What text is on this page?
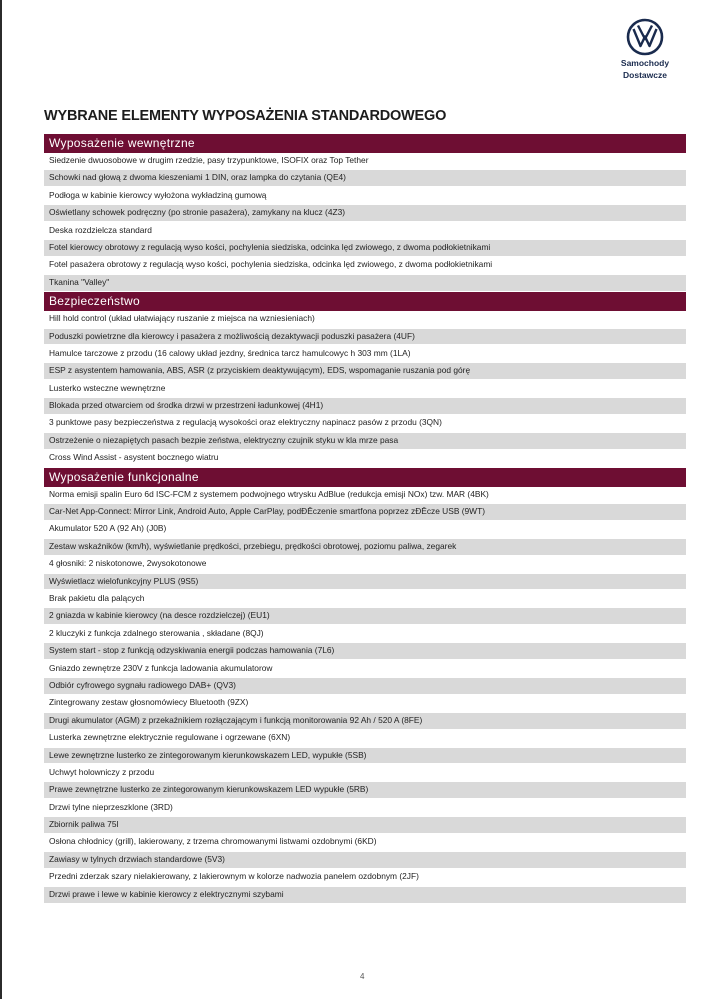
Samochody
Dostawcze
WYBRANE ELEMENTY WYPOSAŻENIA STANDARDOWEGO
Wyposażenie wewnętrzne
Siedzenie dwuosobowe w drugim rzedzie, pasy trzypunktowe, ISOFIX oraz Top Tether
Schowki nad głową z dwoma kieszeniami 1 DIN, oraz lampka do czytania (QE4)
Podłoga w kabinie kierowcy wyłożona wykładziną gumową
Oświetlany schowek podręczny (po stronie pasażera), zamykany na klucz (4Z3)
Deska rozdzielcza standard
Fotel kierowcy obrotowy z regulacją wyso kości, pochylenia siedziska, odcinka lęd zwiowego, z dwoma podłokietnikami
Fotel pasażera obrotowy z regulacją wyso kości, pochylenia siedziska, odcinka lęd zwiowego, z dwoma podłokietnikami
Tkanina "Valley"
Bezpieczeństwo
Hill hold control (układ ułatwiający ruszanie z miejsca na wzniesieniach)
Poduszki powietrzne dla kierowcy i pasażera z możliwością dezaktywacji poduszki pasażera (4UF)
Hamulce tarczowe z przodu (16 calowy układ jezdny, średnica tarcz hamulcowyc h 303 mm (1LA)
ESP z asystentem hamowania, ABS, ASR (z przyciskiem deaktywującym), EDS, wspomaganie ruszania pod górę
Lusterko wsteczne wewnętrzne
Blokada przed otwarciem od środka drzwi w przestrzeni ładunkowej (4H1)
3 punktowe pasy bezpieczeństwa z regulacją wysokości oraz elektryczny napinacz pasów z przodu (3QN)
Ostrzeżenie o niezapiętych pasach bezpie zeństwa, elektryczny czujnik styku w kla mrze pasa
Cross Wind Assist - asystent bocznego wiatru
Wyposażenie funkcjonalne
Norma emisji spalin Euro 6d ISC-FCM z systemem podwojnego wtrysku AdBlue (redukcja emisji NOx) tzw. MAR (4BK)
Car-Net App-Connect: Mirror Link, Android Auto, Apple CarPlay, podĐĒczenie smartfona poprzez zĐĒcze USB (9WT)
Akumulator 520 A (92 Ah) (J0B)
Zestaw wskaźników (km/h), wyświetlanie prędkości, przebiegu, prędkości obrotowej, poziomu paliwa, zegarek
4 głosniki: 2 niskotonowe, 2wysokotonowe
Wyświetlacz wielofunkcyjny PLUS (9S5)
Brak pakietu dla palących
2 gniazda w kabinie kierowcy (na desce rozdzielczej) (EU1)
2 kluczyki z funkcja zdalnego sterowania , składane (8QJ)
System start - stop z funkcją odzyskiwania energii podczas hamowania (7L6)
Gniazdo zewnętrze 230V z funkcja ladowania akumulatorow
Odbiór cyfrowego sygnału radiowego DAB+ (QV3)
Zintegrowany zestaw głosnomówiecy Bluetooth (9ZX)
Drugi akumulator (AGM) z przekaźnikiem rozłączającym i funkcją monitorowania 92 Ah / 520 A (8FE)
Lusterka zewnętrzne elektrycznie regulowane i ogrzewane (6XN)
Lewe zewnętrzne lusterko ze zintegorowanym kierunkowskazem LED, wypukłe (5SB)
Uchwyt holowniczy z przodu
Prawe zewnętrzne lusterko ze zintegorowanym kierunkowskazem LED wypukłe (5RB)
Drzwi tylne nieprzeszklone (3RD)
Zbiornik paliwa 75l
Osłona chłodnicy (grill), lakierowany, z trzema chromowanymi listwami ozdobnymi (6KD)
Zawiasy w tylnych drzwiach standardowe (5V3)
Przedni zderzak szary nielakierowany, z lakierownym w kolorze nadwozia panelem ozdobnym (2JF)
Drzwi prawe i lewe w kabinie kierowcy z elektrycznymi szybami
4
